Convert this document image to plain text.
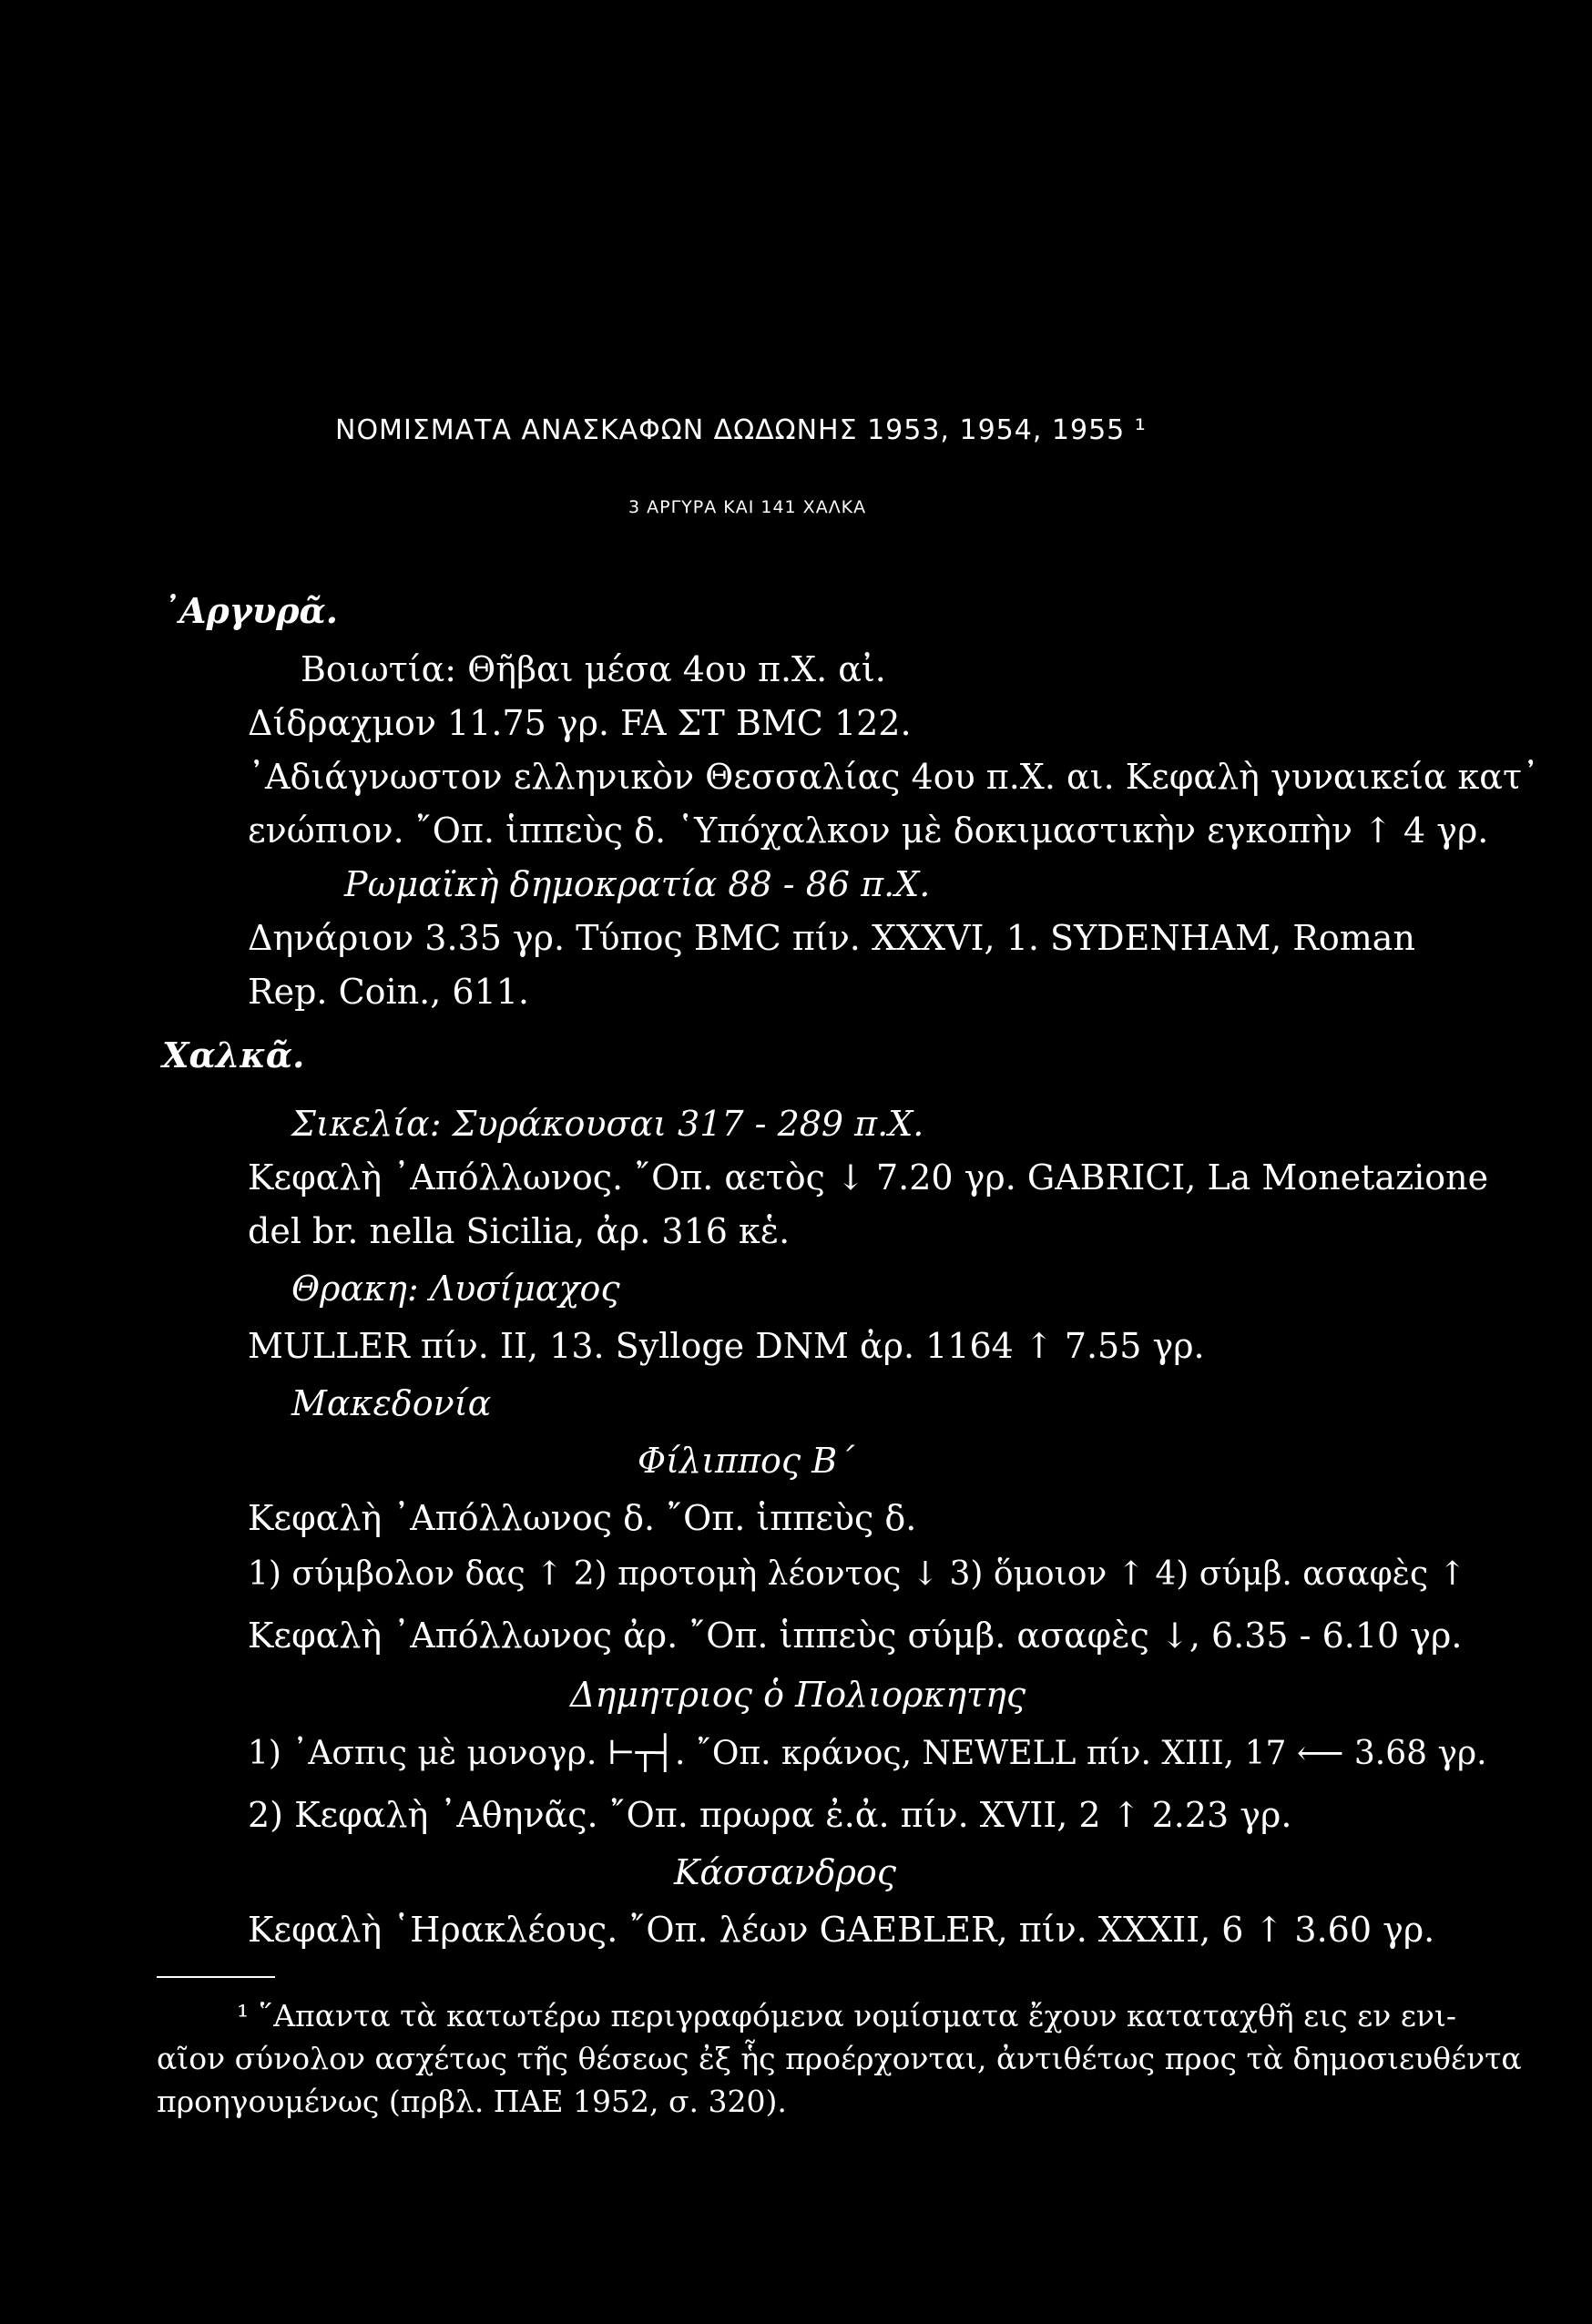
ΝΟΜΙΣΜΑΤΑ ΑΝΑΣΚΑΦΩΝ ΔΩΔΩΝΗΣ 1953, 1954, 1955 ¹
3 ΑΡΓΥΡΑ ΚΑΙ 141 ΧΑΛΚΑ
᾿Αργυρᾶ.
Βοιωτία: Θῆβαι μέσα 4ου π.Χ. αἰ.
Δίδραχμον 11.75 γρ. FA ΣΤ BMC 122.
᾿Αδιάγνωστον ελληνικὸν Θεσσαλίας 4ου π.Χ. αι. Κεφαλὴ γυναικεία κατ᾿
ενώπιον. ῎Οπ. ἱππεὺς δ. ῾Υπόχαλκον μὲ δοκιμαστικὴν εγκοπὴν ↑ 4 γρ.
Ρωμαϊκὴ δημοκρατία 88 - 86 π.Χ.
Δηνάριον 3.35 γρ. Τύπος BMC πίν. XXXVI, 1. SYDENHAM, Roman
Rep. Coin., 611.
Χαλκᾶ.
Σικελία: Συράκουσαι 317 - 289 π.Χ.
Κεφαλὴ ᾿Απόλλωνος. ῎Οπ. αετὸς ↓ 7.20 γρ. GABRICI, La Monetazione
del br. nella Sicilia, ἀρ. 316 κἑ.
Θρακη: Λυσίμαχος
MULLER πίν. II, 13. Sylloge DNM ἀρ. 1164 ↑ 7.55 γρ.
Μακεδονία
Φίλιππος Β´
Κεφαλὴ ᾿Απόλλωνος δ. ῎Οπ. ἱππεὺς δ.
1) σύμβολον δας ↑ 2) προτομὴ λέοντος ↓ 3) ὅμοιον ↑ 4) σύμβ. ασαφὲς ↑
Κεφαλὴ ᾿Απόλλωνος ἀρ. ῎Οπ. ἱππεὺς σύμβ. ασαφὲς ↓, 6.35 - 6.10 γρ.
Δημητριος ὁ Πολιορκητης
1) ᾿Ασπις μὲ μονογρ. ⊢┬┤. ῎Οπ. κράνος, NEWELL πίν. XIII, 17 ⟵ 3.68 γρ.
2) Κεφαλὴ ᾿Αθηνᾶς. ῎Οπ. πρωρα ἐ.ἀ. πίν. XVII, 2 ↑ 2.23 γρ.
Κάσσανδρος
Κεφαλὴ ῾Ηρακλέους. ῎Οπ. λέων GAEBLER, πίν. XXXII, 6 ↑ 3.60 γρ.
¹ ῞Απαντα τὰ κατωτέρω περιγραφόμενα νομίσματα ἔχουν καταταχθῆ εις εν ενι-
αῖον σύνολον ασχέτως τῆς θέσεως ἐξ ἧς προέρχονται, ἀντιθέτως προς τὰ δημοσιευθέντα
προηγουμένως (πρβλ. ΠΑΕ 1952, σ. 320).
